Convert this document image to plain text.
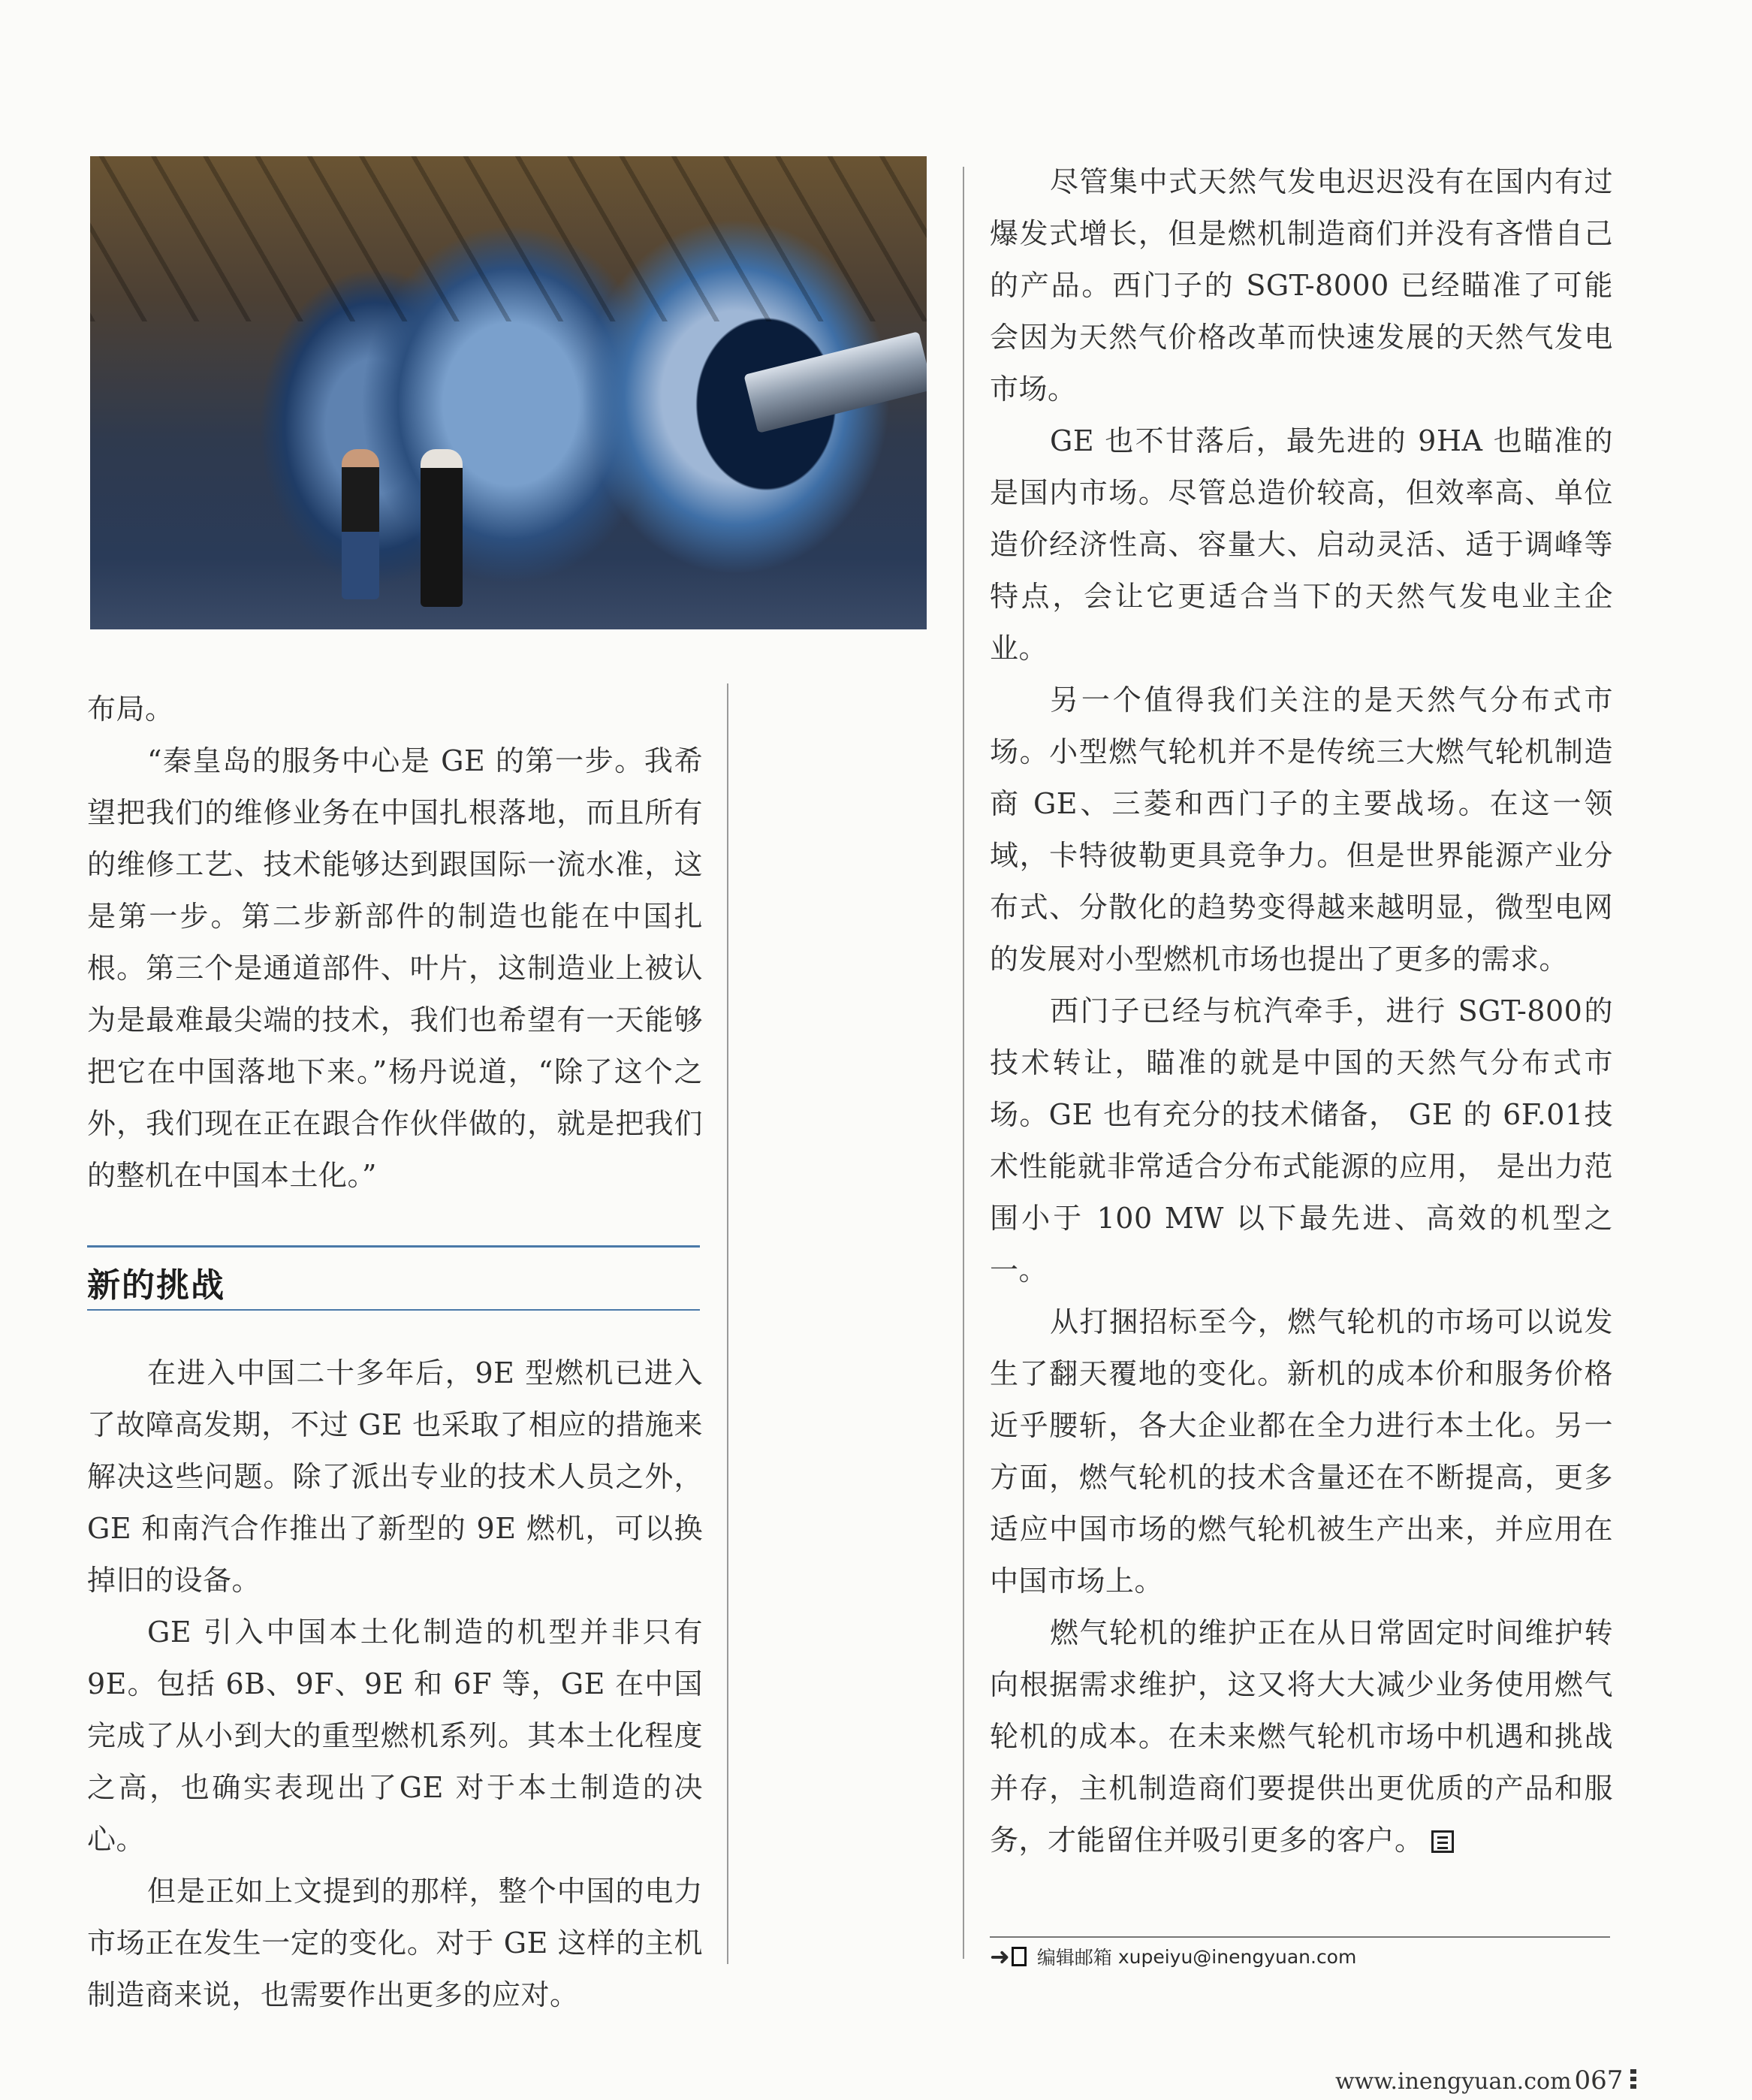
布局。

“秦皇岛的服务中心是 GE 的第一步。我希望把我们的维修业务在中国扎根落地，而且所有的维修工艺、技术能够达到跟国际一流水准，这是第一步。第二步新部件的制造也能在中国扎根。第三个是通道部件、叶片，这制造业上被认为是最难最尖端的技术，我们也希望有一天能够把它在中国落地下来。”杨丹说道，“除了这个之外，我们现在正在跟合作伙伴做的，就是把我们的整机在中国本土化。”

新的挑战

在进入中国二十多年后，9E 型燃机已进入了故障高发期，不过 GE 也采取了相应的措施来解决这些问题。除了派出专业的技术人员之外，GE 和南汽合作推出了新型的 9E 燃机，可以换掉旧的设备。

GE 引入中国本土化制造的机型并非只有9E。包括 6B、9F、9E 和 6F 等，GE 在中国完成了从小到大的重型燃机系列。其本土化程度之高，也确实表现出了GE 对于本土制造的决心。

但是正如上文提到的那样，整个中国的电力市场正在发生一定的变化。对于 GE 这样的主机制造商来说，也需要作出更多的应对。

尽管集中式天然气发电迟迟没有在国内有过爆发式增长，但是燃机制造商们并没有吝惜自己的产品。西门子的 SGT-8000 已经瞄准了可能会因为天然气价格改革而快速发展的天然气发电市场。

GE 也不甘落后，最先进的 9HA 也瞄准的是国内市场。尽管总造价较高，但效率高、单位造价经济性高、容量大、启动灵活、适于调峰等特点，会让它更适合当下的天然气发电业主企业。

另一个值得我们关注的是天然气分布式市场。小型燃气轮机并不是传统三大燃气轮机制造商 GE、三菱和西门子的主要战场。在这一领域，卡特彼勒更具竞争力。但是世界能源产业分布式、分散化的趋势变得越来越明显，微型电网的发展对小型燃机市场也提出了更多的需求。

西门子已经与杭汽牵手，进行 SGT-800的技术转让，瞄准的就是中国的天然气分布式市场。GE 也有充分的技术储备， GE 的 6F.01技术性能就非常适合分布式能源的应用， 是出力范围小于 100 MW 以下最先进、高效的机型之一。

从打捆招标至今，燃气轮机的市场可以说发生了翻天覆地的变化。新机的成本价和服务价格近乎腰斩，各大企业都在全力进行本土化。另一方面，燃气轮机的技术含量还在不断提高，更多适应中国市场的燃气轮机被生产出来，并应用在中国市场上。

燃气轮机的维护正在从日常固定时间维护转向根据需求维护，这又将大大减少业务使用燃气轮机的成本。在未来燃气轮机市场中机遇和挑战并存，主机制造商们要提供出更优质的产品和服务，才能留住并吸引更多的客户。

➜ 编辑邮箱 xupeiyu@inengyuan.com
www.inengyuan.com 067
